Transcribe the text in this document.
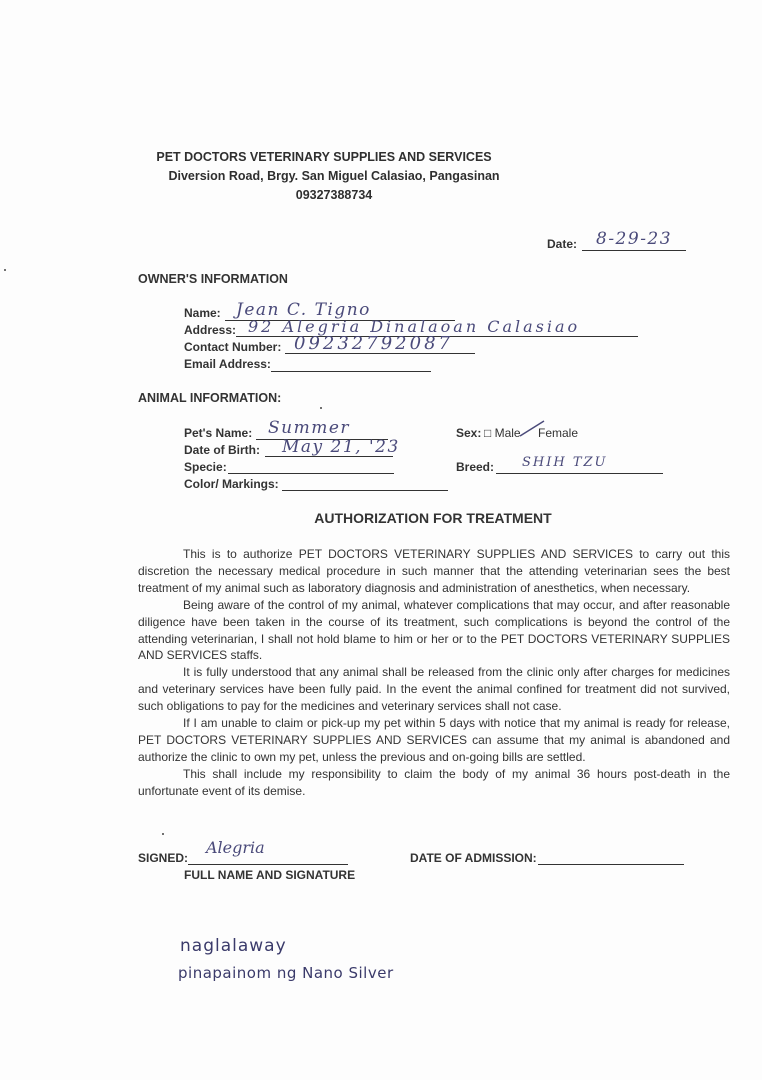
PET DOCTORS VETERINARY SUPPLIES AND SERVICES
Diversion Road, Brgy. San Miguel Calasiao, Pangasinan
09327388734
Date: 8-29-23
OWNER'S INFORMATION
Name: Jean C. Tigno
Address: 92 Alegria Dinalaoan Calasiao
Contact Number: 09232792087
Email Address:
ANIMAL INFORMATION:
Pet's Name: Summer
Date of Birth: May 21, '23
Specie:
Color/ Markings:
Sex: □ Male Female
Breed: SHIH TZU
AUTHORIZATION FOR TREATMENT

This is to authorize PET DOCTORS VETERINARY SUPPLIES AND SERVICES to carry out this discretion the necessary medical procedure in such manner that the attending veterinarian sees the best treatment of my animal such as laboratory diagnosis and administration of anesthetics, when necessary.

Being aware of the control of my animal, whatever complications that may occur, and after reasonable diligence have been taken in the course of its treatment, such complications is beyond the control of the attending veterinarian, I shall not hold blame to him or her or to the PET DOCTORS VETERINARY SUPPLIES AND SERVICES staffs.

It is fully understood that any animal shall be released from the clinic only after charges for medicines and veterinary services have been fully paid. In the event the animal confined for treatment did not survived, such obligations to pay for the medicines and veterinary services shall not case.

If I am unable to claim or pick-up my pet within 5 days with notice that my animal is ready for release, PET DOCTORS VETERINARY SUPPLIES AND SERVICES can assume that my animal is abandoned and authorize the clinic to own my pet, unless the previous and on-going bills are settled.

This shall include my responsibility to claim the body of my animal 36 hours post-death in the unfortunate event of its demise.

SIGNED:
FULL NAME AND SIGNATURE
Alegria
DATE OF ADMISSION:
naglalaway
pinapainom ng Nano Silver
